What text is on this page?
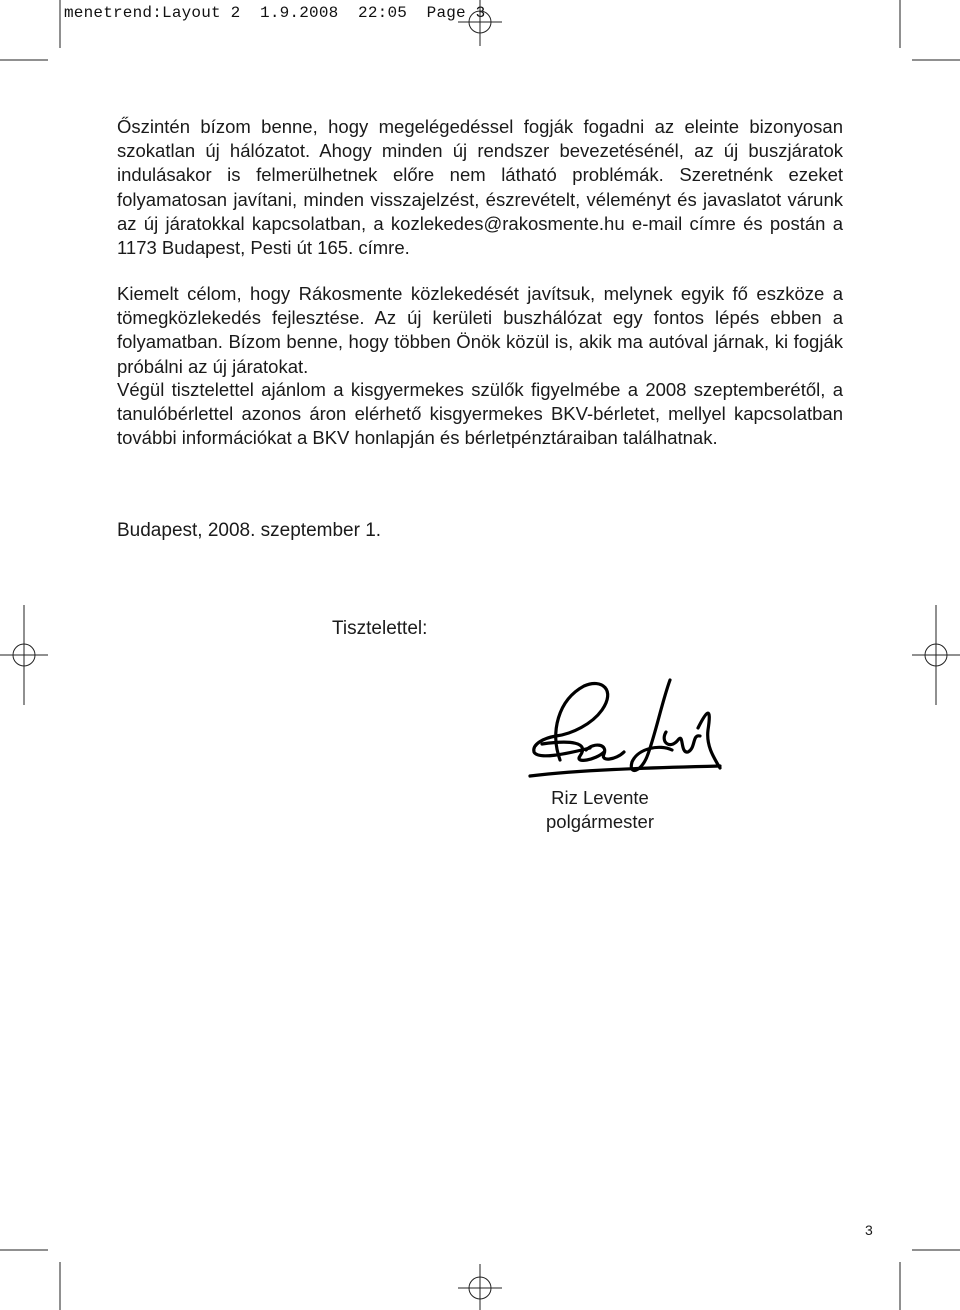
menetrend:Layout 2  1.9.2008  22:05  Page 3

Őszintén bízom benne, hogy megelégedéssel fogják fogadni az eleinte bizonyosan szokatlan új hálózatot. Ahogy minden új rendszer bevezetésénél, az új buszjáratok indulásakor is felmerülhetnek előre nem látható problémák. Szeretnénk ezeket folyamatosan javítani, minden visszajelzést, észrevételt, véleményt és javaslatot várunk az új járatokkal kapcsolatban, a kozlekedes@rakosmente.hu e-mail címre és postán a 1173 Budapest, Pesti út 165. címre.

Kiemelt célom, hogy Rákosmente közlekedését javítsuk, melynek egyik fő eszköze a tömegközlekedés fejlesztése. Az új kerületi buszhálózat egy fontos lépés ebben a folyamatban. Bízom benne, hogy többen Önök közül is, akik ma autóval járnak, ki fogják próbálni az új járatokat.

Végül tisztelettel ajánlom a kisgyermekes szülők figyelmébe a 2008 szeptemberétől, a tanulóbérlettel azonos áron elérhető kisgyermekes BKV-bérletet, mellyel kapcsolatban további információkat a BKV honlapján és bérletpénztáraiban találhatnak.

Budapest, 2008. szeptember 1.

Tisztelettel:

Riz Levente
polgármester
3
